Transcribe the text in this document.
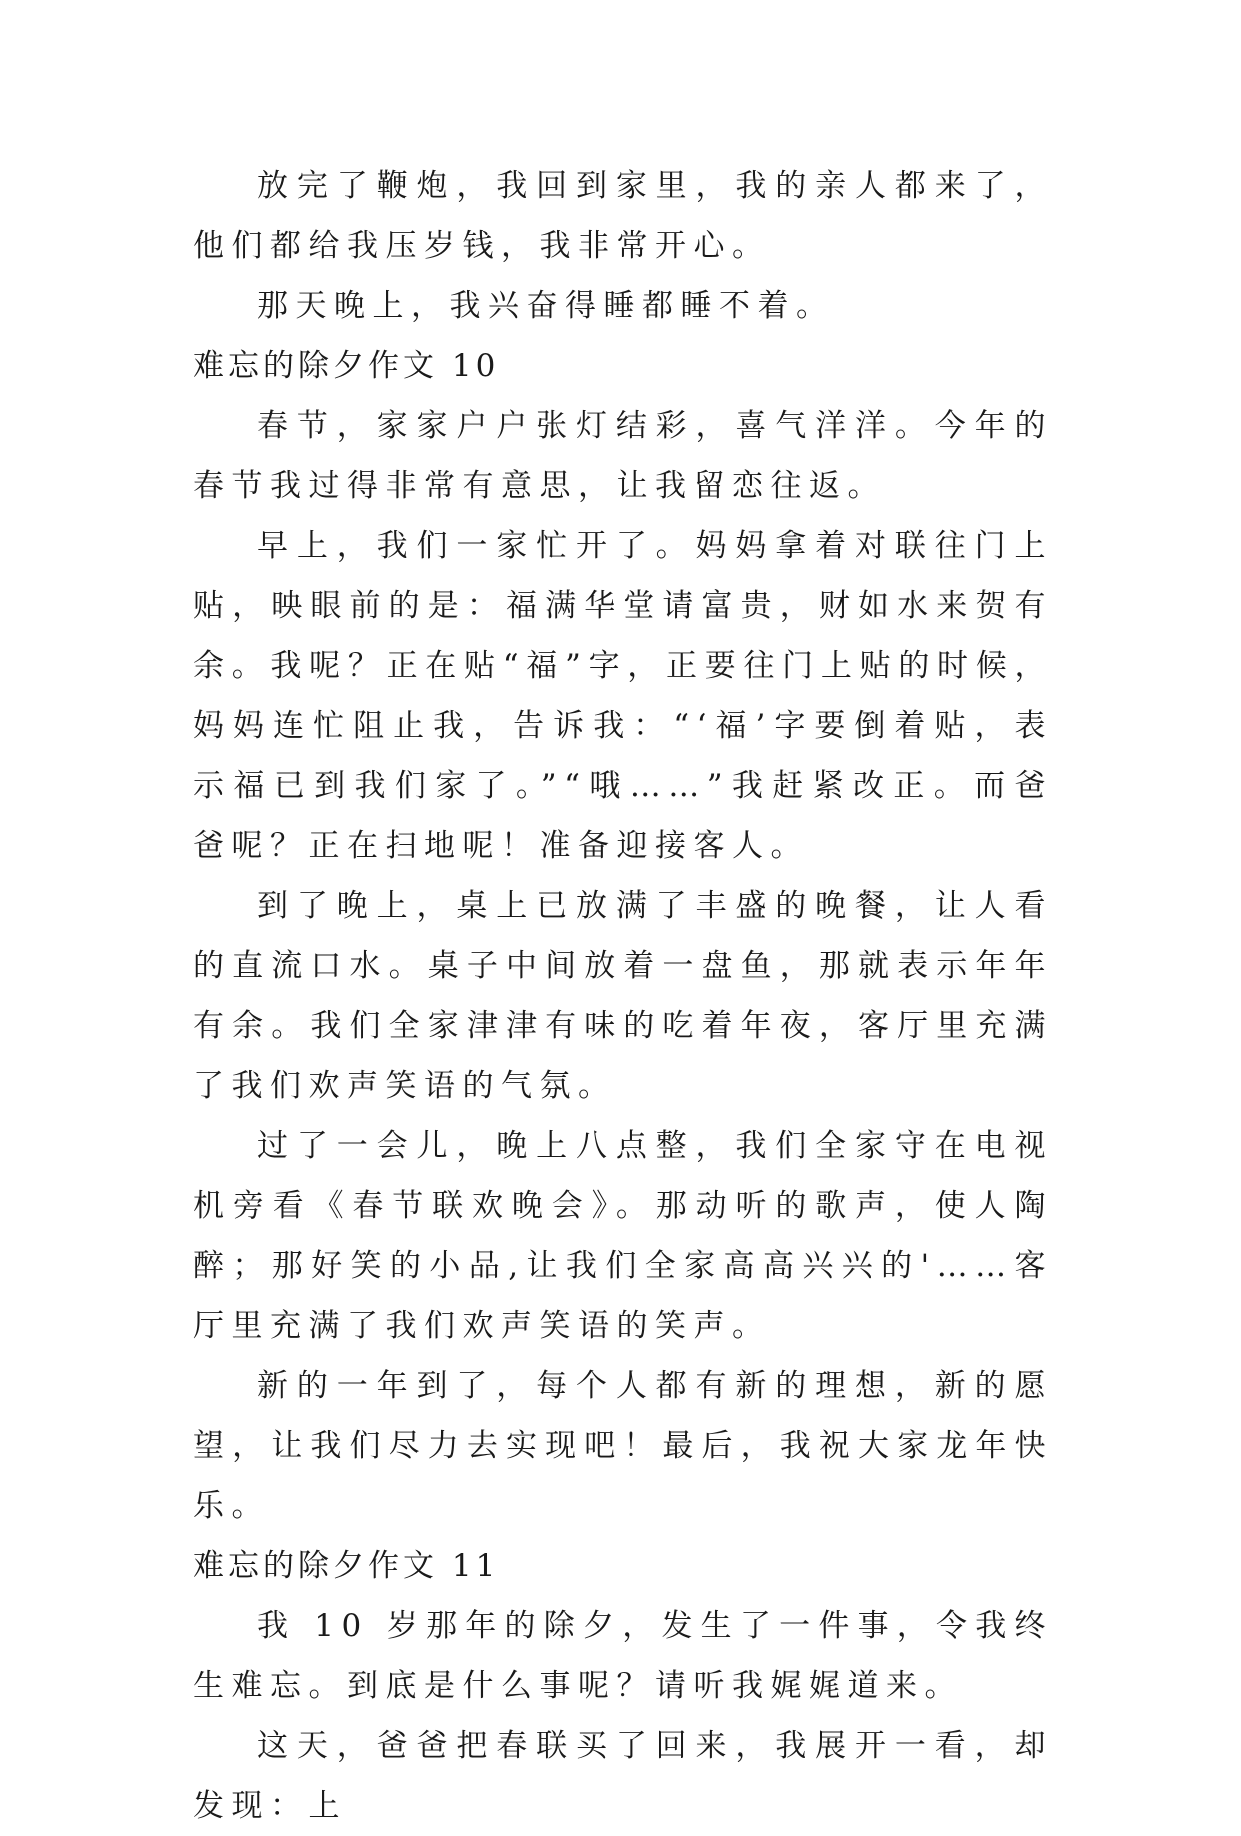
放完了鞭炮，我回到家里，我的亲人都来了，他们都给我压岁钱，我非常开心。

那天晚上，我兴奋得睡都睡不着。

难忘的除夕作文 10

春节，家家户户张灯结彩，喜气洋洋。今年的春节我过得非常有意思，让我留恋往返。

早上，我们一家忙开了。妈妈拿着对联往门上贴，映眼前的是：福满华堂请富贵，财如水来贺有余。我呢？正在贴“福”字，正要往门上贴的时候，妈妈连忙阻止我，告诉我：“‘福’字要倒着贴，表 示福已到我们家了。”“哦……”我赶紧改正。而爸爸呢？正在扫地呢！准备迎接客人。

到了晚上，桌上已放满了丰盛的晚餐，让人看的直流口水。桌子中间放着一盘鱼，那就表示年年有余。我们全家津津有味的吃着年夜，客厅里充满了我们欢声笑语的气氛。

过了一会儿，晚上八点整，我们全家守在电视机旁看《春节联欢晚会》。那动听的歌声，使人陶醉；那好笑的小品,让我们全家高高兴兴的'……客厅里充满了我们欢声笑语的笑声。

新的一年到了，每个人都有新的理想，新的愿望，让我们尽力去实现吧！最后，我祝大家龙年快乐。

难忘的除夕作文 11

我 10 岁那年的除夕，发生了一件事，令我终生难忘。到底是什么事呢？请听我娓娓道来。

这天，爸爸把春联买了回来，我展开一看，却发现：上
